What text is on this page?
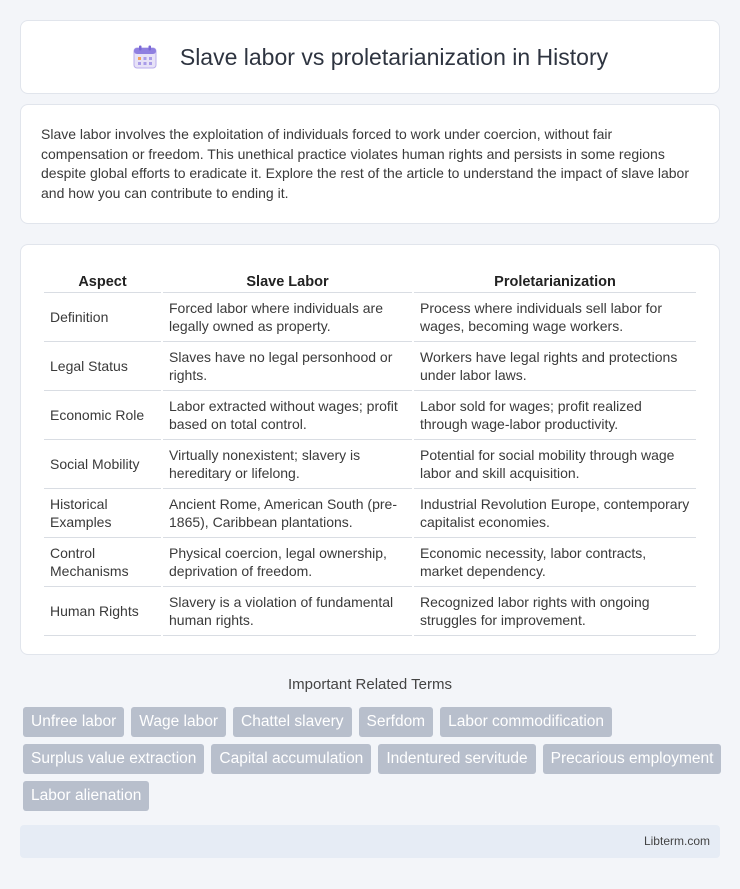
Slave labor vs proletarianization in History

Slave labor involves the exploitation of individuals forced to work under coercion, without fair compensation or freedom. This unethical practice violates human rights and persists in some regions despite global efforts to eradicate it. Explore the rest of the article to understand the impact of slave labor and how you can contribute to ending it.

Aspect	Slave Labor	Proletarianization
Definition	Forced labor where individuals are legally owned as property.	Process where individuals sell labor for wages, becoming wage workers.
Legal Status	Slaves have no legal personhood or rights.	Workers have legal rights and protections under labor laws.
Economic Role	Labor extracted without wages; profit based on total control.	Labor sold for wages; profit realized through wage-labor productivity.
Social Mobility	Virtually nonexistent; slavery is hereditary or lifelong.	Potential for social mobility through wage labor and skill acquisition.
Historical Examples	Ancient Rome, American South (pre-1865), Caribbean plantations.	Industrial Revolution Europe, contemporary capitalist economies.
Control Mechanisms	Physical coercion, legal ownership, deprivation of freedom.	Economic necessity, labor contracts, market dependency.
Human Rights	Slavery is a violation of fundamental human rights.	Recognized labor rights with ongoing struggles for improvement.
Important Related Terms
Unfree labor	Wage labor	Chattel slavery	Serfdom	Labor commodification
Surplus value extraction	Capital accumulation	Indentured servitude	Precarious employment
Labor alienation
Libterm.com
